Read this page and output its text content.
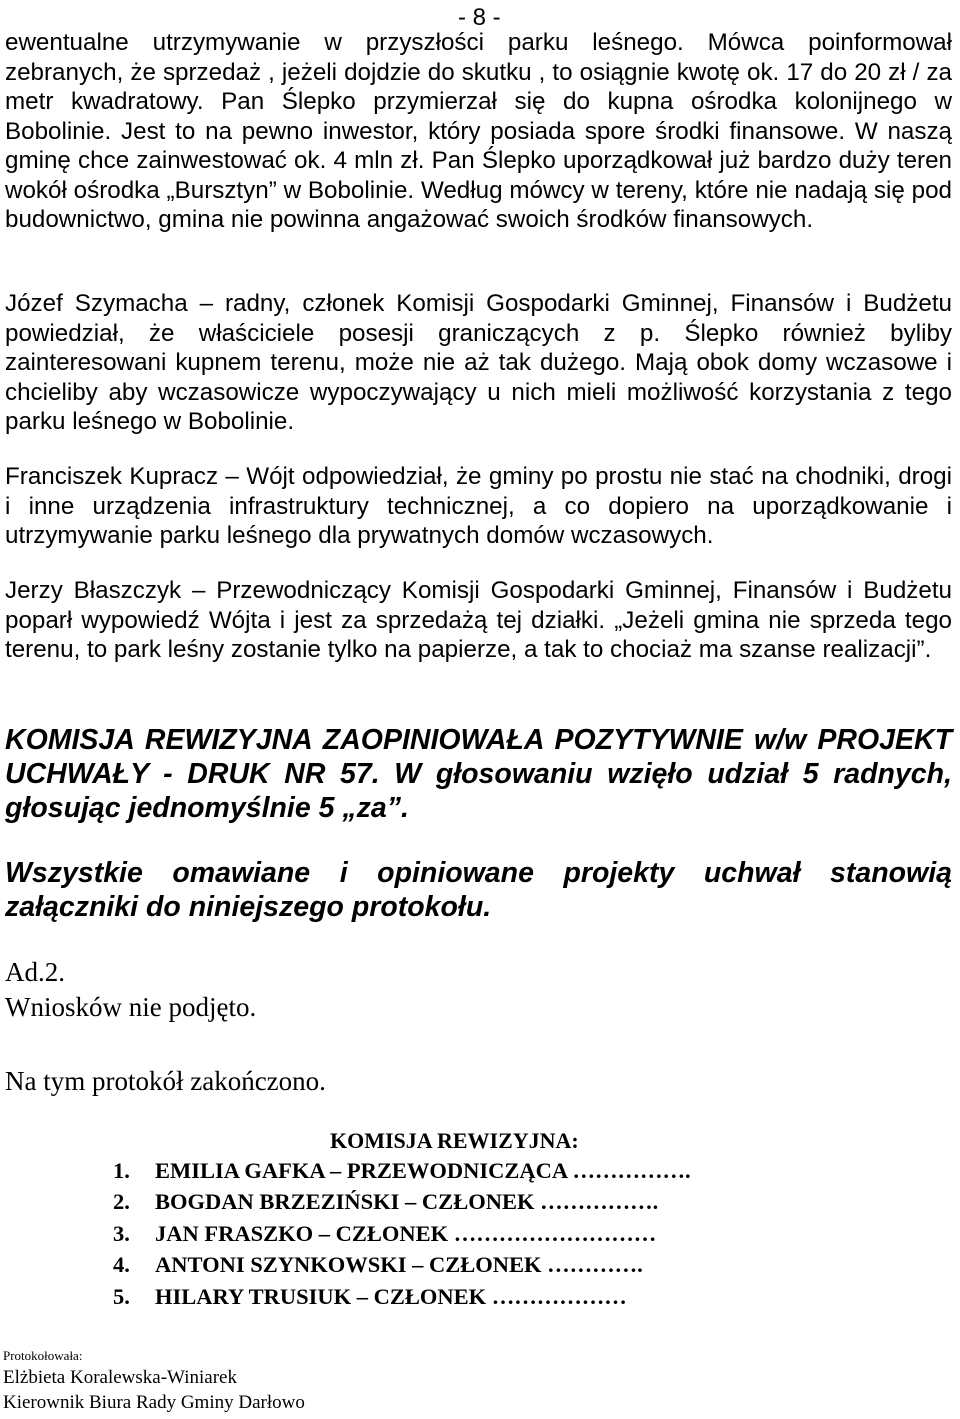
- 8 -

ewentualne utrzymywanie w przyszłości parku leśnego. Mówca poinformował zebranych, że sprzedaż , jeżeli dojdzie do skutku , to osiągnie kwotę ok. 17 do 20 zł / za metr kwadratowy. Pan Ślepko przymierzał się do kupna ośrodka kolonijnego w Bobolinie. Jest to na pewno inwestor, który posiada spore środki finansowe. W naszą gminę chce zainwestować ok. 4 mln zł. Pan Ślepko uporządkował już bardzo duży teren wokół ośrodka „Bursztyn” w Bobolinie. Według mówcy w tereny, które nie nadają się pod budownictwo, gmina nie powinna angażować swoich środków finansowych.

Józef Szymacha – radny, członek Komisji Gospodarki Gminnej, Finansów i Budżetu powiedział, że właściciele posesji graniczących z p. Ślepko również byliby zainteresowani kupnem terenu, może nie aż tak dużego. Mają obok domy wczasowe i chcieliby aby wczasowicze wypoczywający u nich mieli możliwość korzystania z tego parku leśnego w Bobolinie.

Franciszek Kupracz – Wójt odpowiedział, że gminy po prostu nie stać na chodniki, drogi i inne urządzenia infrastruktury technicznej, a co dopiero na uporządkowanie i utrzymywanie parku leśnego dla prywatnych domów wczasowych.

Jerzy Błaszczyk – Przewodniczący Komisji Gospodarki Gminnej, Finansów i Budżetu poparł wypowiedź Wójta i jest za sprzedażą tej działki. „Jeżeli gmina nie sprzeda tego terenu, to park leśny zostanie tylko na papierze, a tak to chociaż ma szanse realizacji”.

KOMISJA REWIZYJNA ZAOPINIOWAŁA POZYTYWNIE w/w PROJEKT UCHWAŁY - DRUK NR 57. W głosowaniu wzięło udział 5 radnych, głosując jednomyślnie 5 „za”.

Wszystkie omawiane i opiniowane projekty uchwał stanowią załączniki do niniejszego protokołu.

Ad.2.

Wniosków nie podjęto.

Na tym protokół zakończono.

KOMISJA REWIZYJNA:
1. EMILIA GAFKA – PRZEWODNICZĄCA …………….
2. BOGDAN BRZEZIŃSKI – CZŁONEK …………….
3. JAN FRASZKO – CZŁONEK ………………………
4. ANTONI SZYNKOWSKI – CZŁONEK ………….
5. HILARY TRUSIUK – CZŁONEK ………………

Protokołowała:

Elżbieta Koralewska-Winiarek

Kierownik Biura Rady Gminy Darłowo
